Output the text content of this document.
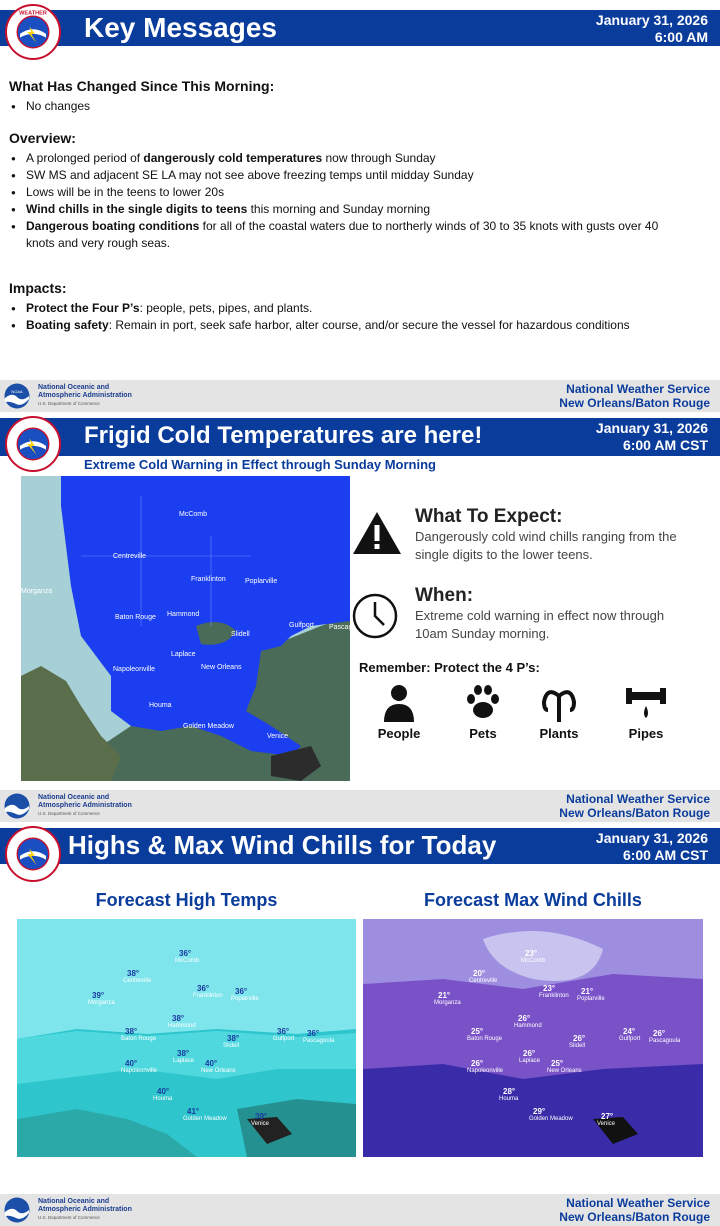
WEATHER Key Messages	January 31, 2026
6:00 AM
What Has Changed Since This Morning:
● No changes
Overview:
● A prolonged period of dangerously cold temperatures now through Sunday
● SW MS and adjacent SE LA may not see above freezing temps until midday Sunday
● Lows will be in the teens to lower 20s
● Wind chills in the single digits to teens this morning and Sunday morning
● Dangerous boating conditions for all of the coastal waters due to northerly winds of 30 to 35 knots with gusts over 40 knots and very rough seas.
Impacts:
● Protect the Four P’s: people, pets, pipes, and plants.
● Boating safety: Remain in port, seek safe harbor, alter course, and/or secure the vessel for hazardous conditions
NOAA
National Oceanic and
Atmospheric Administration
U.S. Department of Commerce
National Weather Service
New Orleans/Baton Rouge
Frigid Cold Temperatures are here!	January 31, 2026
6:00 AM CST
Extreme Cold Warning in Effect through Sunday Morning
McComb
Centreville
Franklinton	Poplarville
Morganza
Hammond
Baton Rouge
Slidell
Gulfport Pascagoula
Laplace
New Orleans
Napoleonville
Houma
Golden Meadow
Venice
What To Expect:
Dangerously cold wind chills ranging from the single digits to the lower teens.
When:
Extreme cold warning in effect now through 10am Sunday morning.
Remember: Protect the 4 P’s:
People	Pets	Plants	Pipes
National Oceanic and
Atmospheric Administration
U.S. Department of Commerce
National Weather Service
New Orleans/Baton Rouge
Highs & Max Wind Chills for Today	January 31, 2026
6:00 AM CST
Forecast High Temps	Forecast Max Wind Chills
36°
McComb
38°
Centreville
36°
Franklinton 36°
Poplarville
39°
Morganza
38°
Baton Rouge
38°
Hammond
38°
Slidell
36°
Gulfport
36°
Pascagoula
38°
Laplace
40°
Napoleonville
40°
New Orleans
40°
Houma
41°
Golden Meadow	39°
Venice
23°
McComb
20°
Centreville
23°
Franklinton 21°
Poplarville
21°
Morganza
25°
Baton Rouge
26°
Hammond
26°
Slidell
24°
Gulfport
26°
Pascagoula
26°
Laplace
26°
Napoleonville
25°
New Orleans
28°
Houma
29°
Golden Meadow	27°
Venice
National Oceanic and
Atmospheric Administration
U.S. Department of Commerce
National Weather Service
New Orleans/Baton Rouge
